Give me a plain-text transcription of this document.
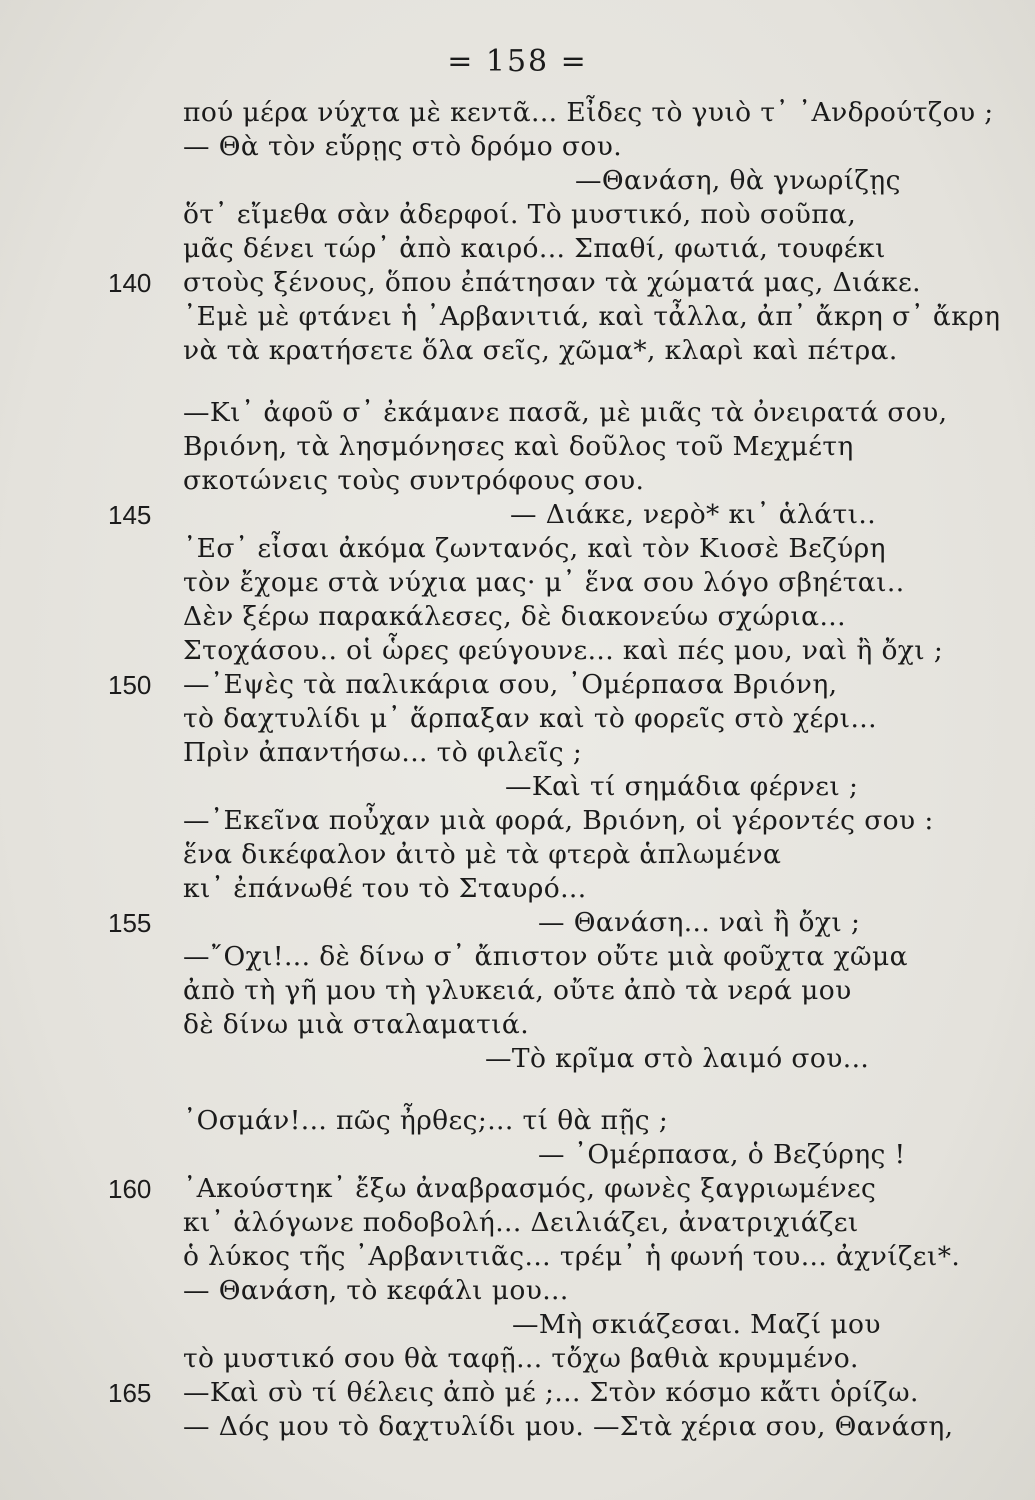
= 158 =
πού μέρα νύχτα μὲ κεντᾶ... Εἶδες τὸ γυιὸ τ᾽ ᾽Ανδρούτζου ;
— Θὰ τὸν εὕρῃς στὸ δρόμο σου.
—Θανάση, θὰ γνωρίζῃς
ὅτ᾽ εἴμεθα σὰν ἀδερφοί. Τὸ μυστικό, ποὺ σοῦπα,
μᾶς δένει τώρ᾽ ἀπὸ καιρό... Σπαθί, φωτιά, τουφέκι
140 στοὺς ξένους, ὅπου ἐπάτησαν τὰ χώματά μας, Διάκε.
᾽Εμὲ μὲ φτάνει ἡ ᾽Αρβανιτιά, καὶ τἆλλα, ἀπ᾽ ἄκρη σ᾽ ἄκρη
νὰ τὰ κρατήσετε ὅλα σεῖς, χῶμα*, κλαρὶ καὶ πέτρα.
—Κι᾽ ἀφοῦ σ᾽ ἐκάμανε πασᾶ, μὲ μιᾶς τὰ ὀνειρατά σου,
Βριόνη, τὰ λησμόνησες καὶ δοῦλος τοῦ Μεχμέτη
σκοτώνεις τοὺς συντρόφους σου.
145	— Διάκε, νερὸ* κι᾽ ἁλάτι..
᾽Εσ᾽ εἶσαι ἀκόμα ζωντανός, καὶ τὸν Κιοσὲ Βεζύρη
τὸν ἔχομε στὰ νύχια μας· μ᾽ ἕνα σου λόγο σβηέται..
Δὲν ξέρω παρακάλεσες, δὲ διακονεύω σχώρια...
Στοχάσου.. οἱ ὧρες φεύγουνε... καὶ πές μου, ναὶ ἢ ὄχι ;
150 —᾽Εψὲς τὰ παλικάρια σου, ᾽Ομέρπασα Βριόνη,
τὸ δαχτυλίδι μ᾽ ἅρπαξαν καὶ τὸ φορεῖς στὸ χέρι...
Πρὶν ἀπαντήσω... τὸ φιλεῖς ;
—Καὶ τί σημάδια φέρνει ;
—᾽Εκεῖνα ποὖχαν μιὰ φορά, Βριόνη, οἱ γέροντές σου :
ἕνα δικέφαλον ἀιτὸ μὲ τὰ φτερὰ ἁπλωμένα
κι᾽ ἐπάνωθέ του τὸ Σταυρό...
155	— Θανάση... ναὶ ἢ ὄχι ;
—῎Οχι!... δὲ δίνω σ᾽ ἄπιστον οὔτε μιὰ φοῦχτα χῶμα
ἀπὸ τὴ γῆ μου τὴ γλυκειά, οὔτε ἀπὸ τὰ νερά μου
δὲ δίνω μιὰ σταλαματιά.
—Τὸ κρῖμα στὸ λαιμό σου...
᾽Οσμάν!... πῶς ἦρθες;... τί θὰ πῇς ;
— ᾽Ομέρπασα, ὁ Βεζύρης !
160 ᾽Ακούστηκ᾽ ἔξω ἀναβρασμός, φωνὲς ξαγριωμένες
κι᾽ ἀλόγωνε ποδοβολή... Δειλιάζει, ἀνατριχιάζει
ὁ λύκος τῆς ᾽Αρβανιτιᾶς... τρέμ᾽ ἡ φωνή του... ἀχνίζει*.
— Θανάση, τὸ κεφάλι μου...
—Μὴ σκιάζεσαι. Μαζί μου
τὸ μυστικό σου θὰ ταφῇ... τὄχω βαθιὰ κρυμμένο.
165 —Καὶ σὺ τί θέλεις ἀπὸ μέ ;... Στὸν κόσμο κἄτι ὁρίζω.
— Δός μου τὸ δαχτυλίδι μου. —Στὰ χέρια σου, Θανάση,
